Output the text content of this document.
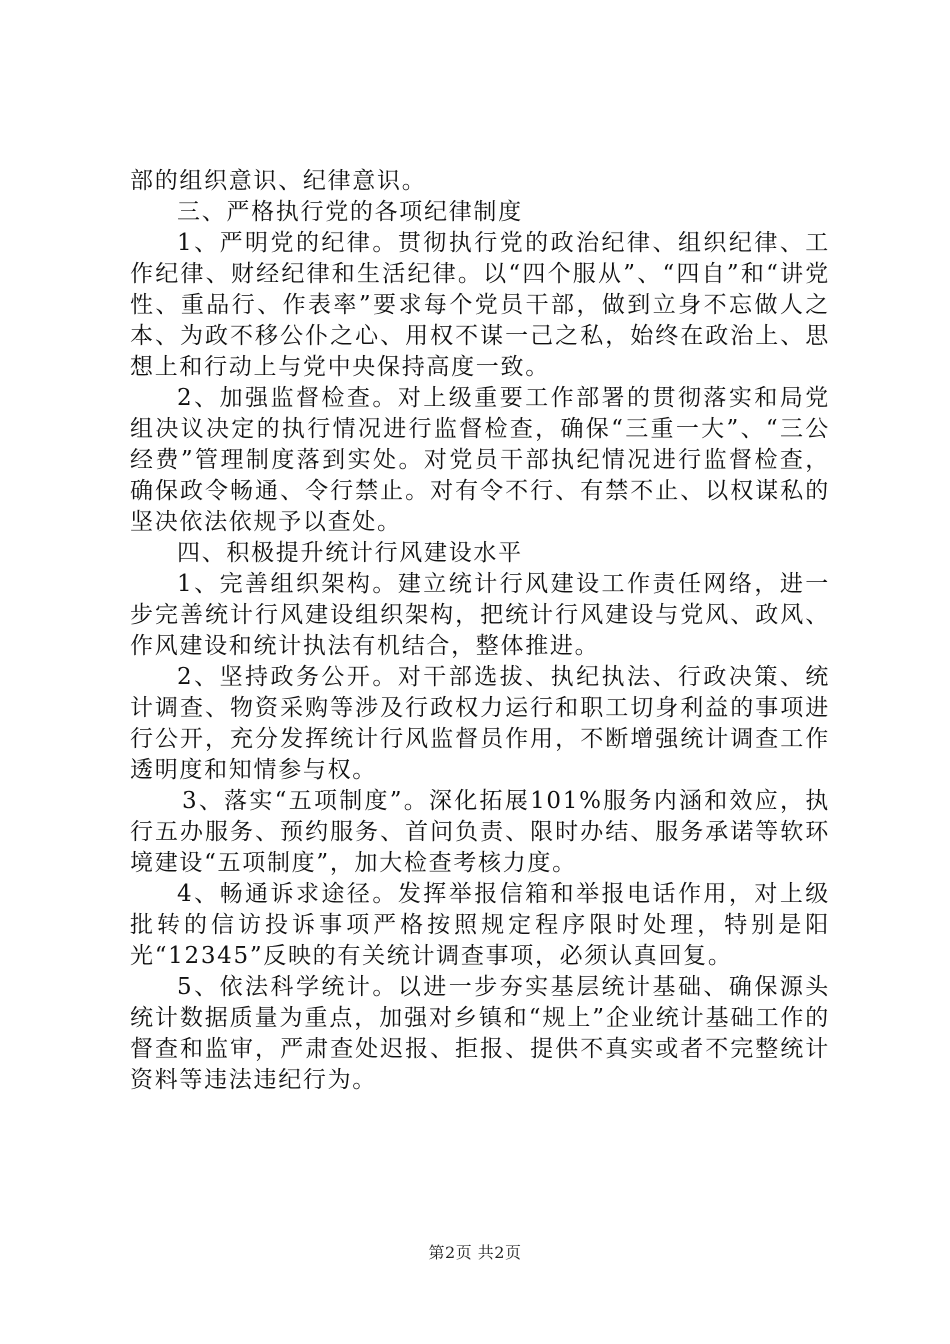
部的组织意识、纪律意识。

三、严格执行党的各项纪律制度

1、严明党的纪律。贯彻执行党的政治纪律、组织纪律、工作纪律、财经纪律和生活纪律。以“四个服从”、“四自”和“讲党性、重品行、作表率”要求每个党员干部，做到立身不忘做人之本、为政不移公仆之心、用权不谋一己之私，始终在政治上、思想上和行动上与党中央保持高度一致。

2、加强监督检查。对上级重要工作部署的贯彻落实和局党组决议决定的执行情况进行监督检查，确保“三重一大”、“三公经费”管理制度落到实处。对党员干部执纪情况进行监督检查，确保政令畅通、令行禁止。对有令不行、有禁不止、以权谋私的坚决依法依规予以查处。

四、积极提升统计行风建设水平

1、完善组织架构。建立统计行风建设工作责任网络，进一步完善统计行风建设组织架构，把统计行风建设与党风、政风、作风建设和统计执法有机结合，整体推进。

2、坚持政务公开。对干部选拔、执纪执法、行政决策、统计调查、物资采购等涉及行政权力运行和职工切身利益的事项进行公开，充分发挥统计行风监督员作用，不断增强统计调查工作透明度和知情参与权。

3、落实“五项制度”。深化拓展101%服务内涵和效应，执行五办服务、预约服务、首问负责、限时办结、服务承诺等软环境建设“五项制度”，加大检查考核力度。

4、畅通诉求途径。发挥举报信箱和举报电话作用，对上级批转的信访投诉事项严格按照规定程序限时处理，特别是阳光“12345”反映的有关统计调查事项，必须认真回复。

5、依法科学统计。以进一步夯实基层统计基础、确保源头统计数据质量为重点，加强对乡镇和“规上”企业统计基础工作的督查和监审，严肃查处迟报、拒报、提供不真实或者不完整统计资料等违法违纪行为。

第2页 共2页
